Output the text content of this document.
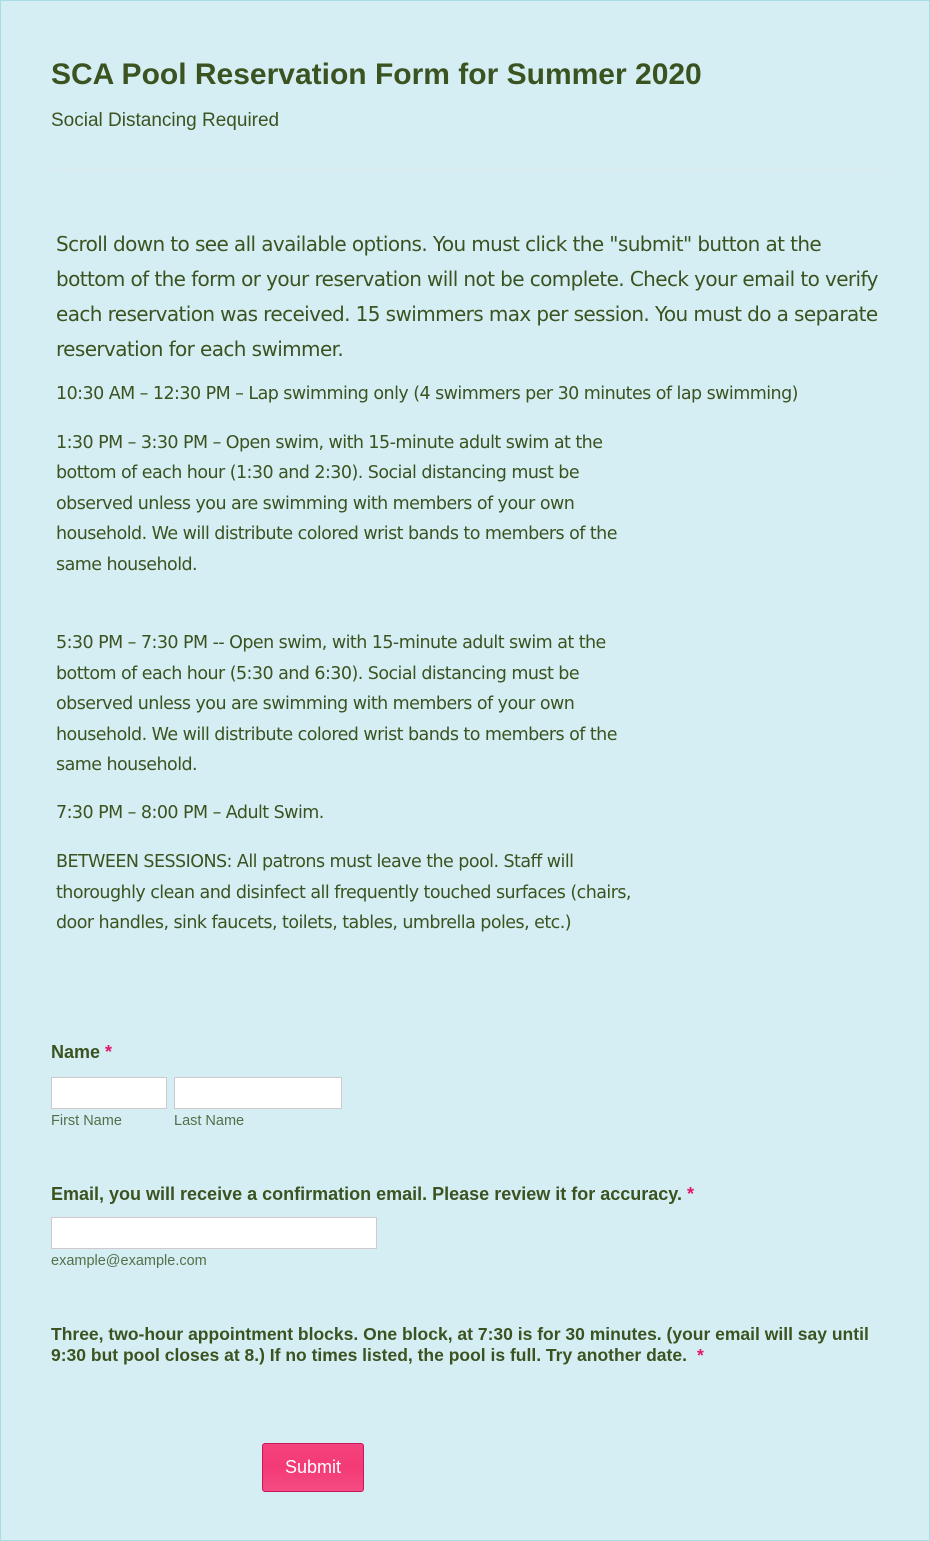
SCA Pool Reservation Form for Summer 2020
Social Distancing Required

Scroll down to see all available options. You must click the "submit" button at the bottom of the form or your reservation will not be complete. Check your email to verify each reservation was received. 15 swimmers max per session. You must do a separate reservation for each swimmer.

10:30 AM – 12:30 PM – Lap swimming only (4 swimmers per 30 minutes of lap swimming)

1:30 PM – 3:30 PM – Open swim, with 15-minute adult swim at the bottom of each hour (1:30 and 2:30). Social distancing must be observed unless you are swimming with members of your own household. We will distribute colored wrist bands to members of the same household.

5:30 PM – 7:30 PM -- Open swim, with 15-minute adult swim at the bottom of each hour (5:30 and 6:30). Social distancing must be observed unless you are swimming with members of your own household. We will distribute colored wrist bands to members of the same household.

7:30 PM – 8:00 PM – Adult Swim.

BETWEEN SESSIONS: All patrons must leave the pool. Staff will thoroughly clean and disinfect all frequently touched surfaces (chairs, door handles, sink faucets, toilets, tables, umbrella poles, etc.)

Name *
First Name	Last Name
Email, you will receive a confirmation email. Please review it for accuracy. *
example@example.com
Three, two-hour appointment blocks. One block, at 7:30 is for 30 minutes. (your email will say until 9:30 but pool closes at 8.) If no times listed, the pool is full. Try another date. *
Submit
